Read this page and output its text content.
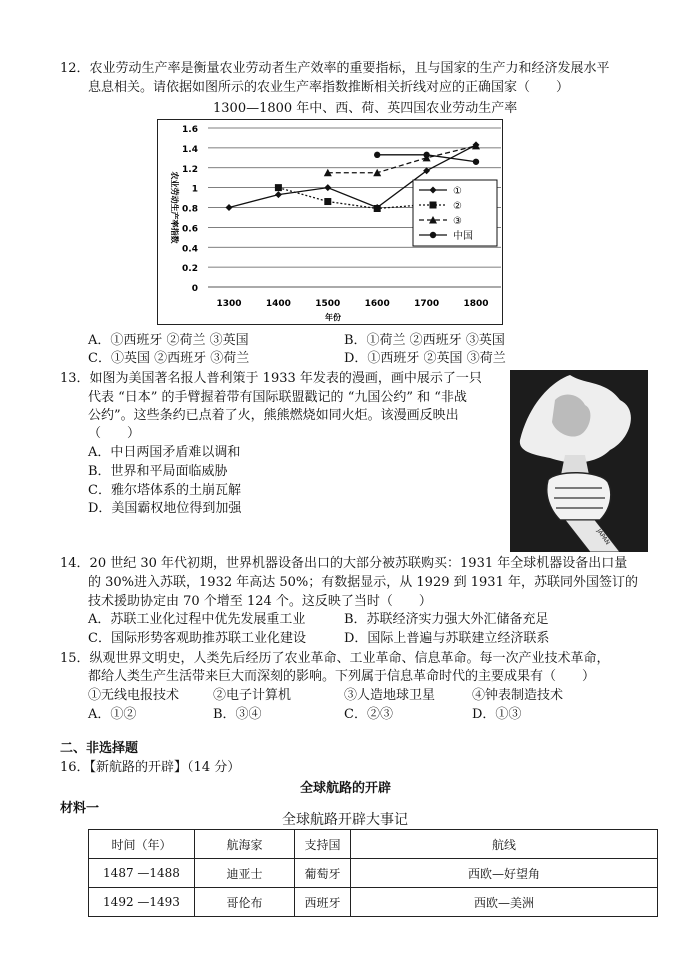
12．农业劳动生产率是衡量农业劳动者生产效率的重要指标，且与国家的生产力和经济发展水平
息息相关。请依据如图所示的农业生产率指数推断相关折线对应的正确国家（　　）
1300—1800 年中、西、荷、英四国农业劳动生产率
0
0.2
0.4
0.6
0.8
1
1.2
1.4
1.6
1300	1400	1500	1600	1700	1800
年份
农业劳动生产率指数	①
②
③
中国
A．①西班牙 ②荷兰 ③英国	B．①荷兰 ②西班牙 ③英国
C．①英国 ②西班牙 ③荷兰	D．①西班牙 ②英国 ③荷兰
13．如图为美国著名报人普利策于 1933 年发表的漫画，画中展示了一只
代表 “日本” 的手臂握着带有国际联盟戳记的 “九国公约” 和 “非战
公约”。这些条约已点着了火，熊熊燃烧如同火炬。该漫画反映出
（　　）
A．中日两国矛盾难以调和
B．世界和平局面临威胁
C．雅尔塔体系的土崩瓦解
D．美国霸权地位得到加强
JAPAN
14．20 世纪 30 年代初期，世界机器设备出口的大部分被苏联购买：1931 年全球机器设备出口量
的 30%进入苏联，1932 年高达 50%；有数据显示，从 1929 到 1931 年，苏联同外国签订的
技术援助协定由 70 个增至 124 个。这反映了当时（　　）
A．苏联工业化过程中优先发展重工业	B．苏联经济实力强大外汇储备充足
C．国际形势客观助推苏联工业化建设	D．国际上普遍与苏联建立经济联系
15．纵观世界文明史，人类先后经历了农业革命、工业革命、信息革命。每一次产业技术革命，
都给人类生产生活带来巨大而深刻的影响。下列属于信息革命时代的主要成果有（　　）
①无线电报技术	②电子计算机	③人造地球卫星	④钟表制造技术
A．①②	B．③④	C．②③	D．①③
二、非选择题
16．【新航路的开辟】（14 分）
全球航路的开辟
材料一
全球航路开辟大事记
时间（年）	航海家	支持国	航线
1487 —1488	迪亚士	葡萄牙	西欧—好望角
1492 —1493	哥伦布	西班牙	西欧—美洲
